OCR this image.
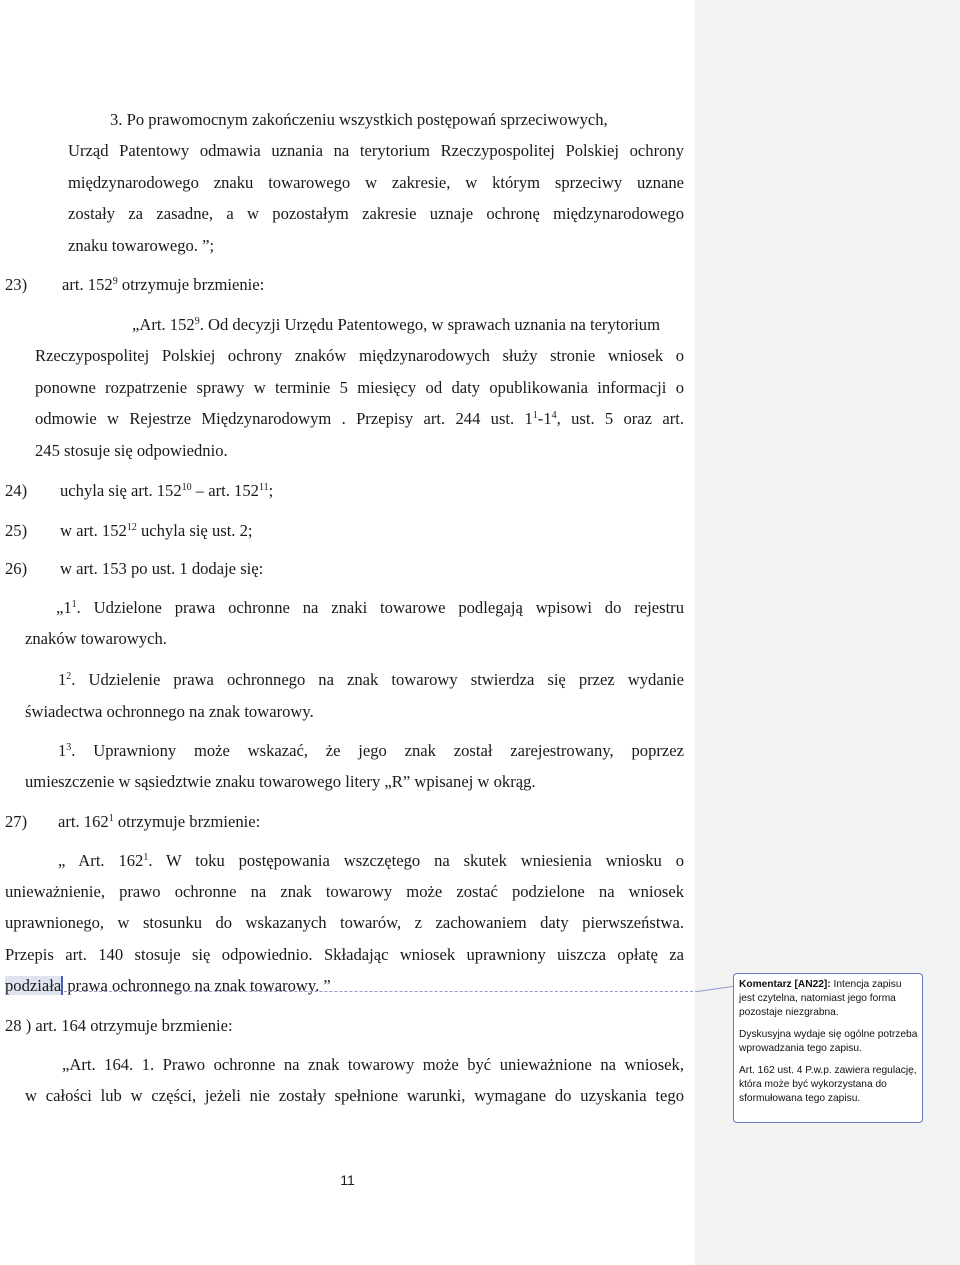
3. Po prawomocnym zakończeniu wszystkich postępowań sprzeciwowych,
Urząd Patentowy odmawia uznania na terytorium Rzeczypospolitej Polskiej ochrony
międzynarodowego znaku towarowego w zakresie, w którym sprzeciwy uznane
zostały za zasadne, a w pozostałym zakresie uznaje ochronę międzynarodowego
znaku towarowego. ”;
23) art. $152^9$ otrzymuje brzmienie:
„Art. $152^9$. Od decyzji Urzędu Patentowego, w sprawach uznania na terytorium
Rzeczypospolitej Polskiej ochrony znaków międzynarodowych służy stronie wniosek o
ponowne rozpatrzenie sprawy w terminie 5 miesięcy od daty opublikowania informacji o
odmowie w Rejestrze Międzynarodowym . Przepisy art. 244 ust. $1^1-1^4$, ust. 5 oraz art.
245 stosuje się odpowiednio.
24) uchyla się art. $152^{10}$ – art. $152^{11}$;
25) w art. $152^{12}$ uchyla się ust. 2;
26) w art. 153 po ust. 1 dodaje się:
$„1^1$. Udzielone prawa ochronne na znaki towarowe podlegają wpisowi do rejestru
znaków towarowych.
$1^2$. Udzielenie prawa ochronnego na znak towarowy stwierdza się przez wydanie
świadectwa ochronnego na znak towarowy.
$1^3$. Uprawniony może wskazać, że jego znak został zarejestrowany, poprzez
umieszczenie w sąsiedztwie znaku towarowego litery „R” wpisanej w okrąg.
27) art. $162^1$ otrzymuje brzmienie:
„ Art. $162^1$. W toku postępowania wszczętego na skutek wniesienia wniosku o
unieważnienie, prawo ochronne na znak towarowy może zostać podzielone na wniosek
uprawnionego, w stosunku do wskazanych towarów, z zachowaniem daty pierwszeństwa.
Przepis art. 140 stosuje się odpowiednio. Składając wniosek uprawniony uiszcza opłatę za
podziała prawa ochronnego na znak towarowy. ”
28 ) art. 164 otrzymuje brzmienie:
„Art. 164. 1. Prawo ochronne na znak towarowy może być unieważnione na wniosek,
w całości lub w części, jeżeli nie zostały spełnione warunki, wymagane do uzyskania tego
11

Komentarz [AN22]: Intencja zapisu jest czytelna, natomiast jego forma pozostaje niezgrabna.

Dyskusyjna wydaje się ogólne potrzeba wprowadzania tego zapisu.

Art. 162 ust. 4 P.w.p. zawiera regulację, która może być wykorzystana do sformułowana tego zapisu.
